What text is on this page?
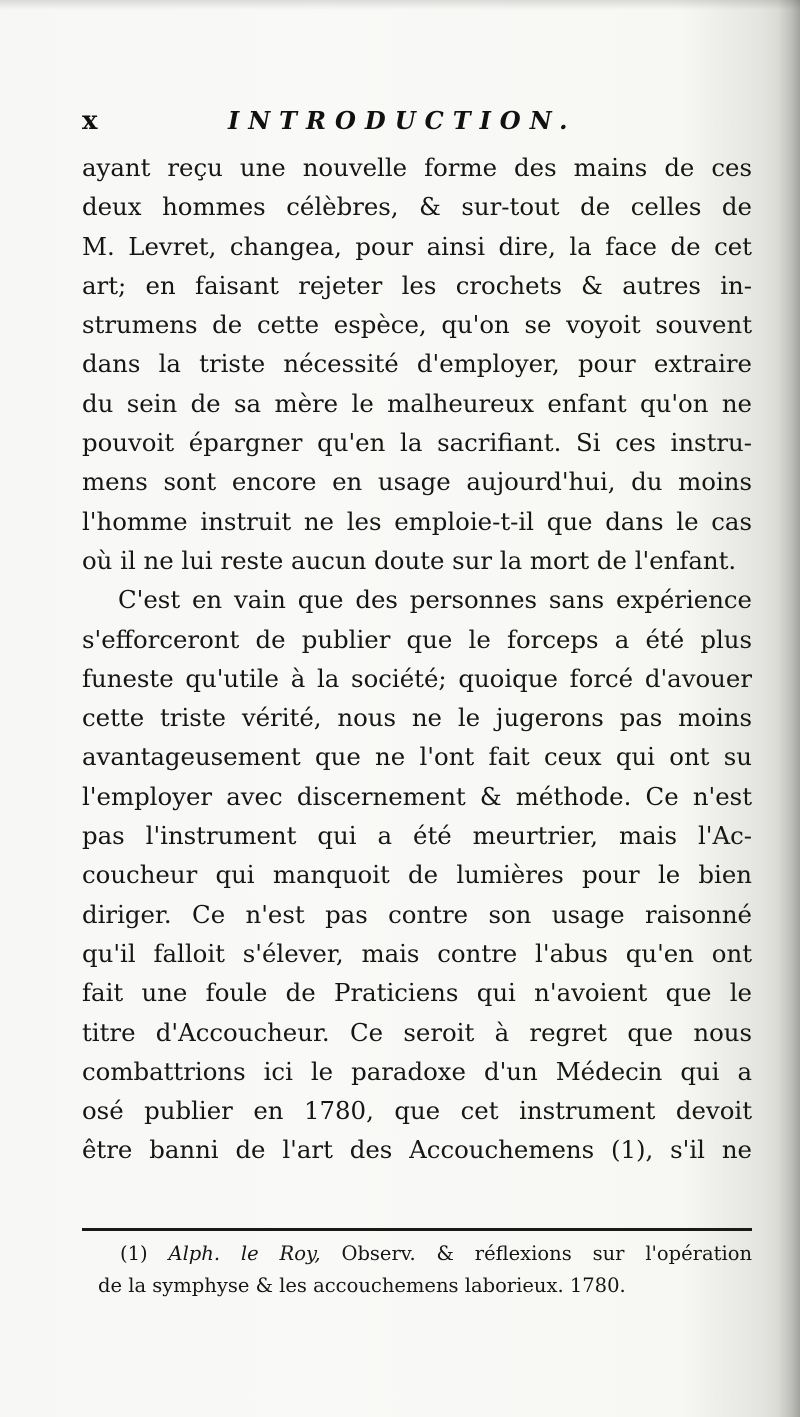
x	INTRODUCTION.
ayant reçu une nouvelle forme des mains de ces
deux hommes célèbres, & sur-tout de celles de
M. Levret, changea, pour ainsi dire, la face de cet
art; en faisant rejeter les crochets & autres in-
strumens de cette espèce, qu'on se voyoit souvent
dans la triste nécessité d'employer, pour extraire
du sein de sa mère le malheureux enfant qu'on ne
pouvoit épargner qu'en la sacrifiant. Si ces instru-
mens sont encore en usage aujourd'hui, du moins
l'homme instruit ne les emploie-t-il que dans le cas
où il ne lui reste aucun doute sur la mort de l'enfant.
C'est en vain que des personnes sans expérience
s'efforceront de publier que le forceps a été plus
funeste qu'utile à la société; quoique forcé d'avouer
cette triste vérité, nous ne le jugerons pas moins
avantageusement que ne l'ont fait ceux qui ont su
l'employer avec discernement & méthode. Ce n'est
pas l'instrument qui a été meurtrier, mais l'Ac-
coucheur qui manquoit de lumières pour le bien
diriger. Ce n'est pas contre son usage raisonné
qu'il falloit s'élever, mais contre l'abus qu'en ont
fait une foule de Praticiens qui n'avoient que le
titre d'Accoucheur. Ce seroit à regret que nous
combattrions ici le paradoxe d'un Médecin qui a
osé publier en 1780, que cet instrument devoit
être banni de l'art des Accouchemens (1), s'il ne
(1) Alph. le Roy, Observ. & réflexions sur l'opération
de la symphyse & les accouchemens laborieux. 1780.
